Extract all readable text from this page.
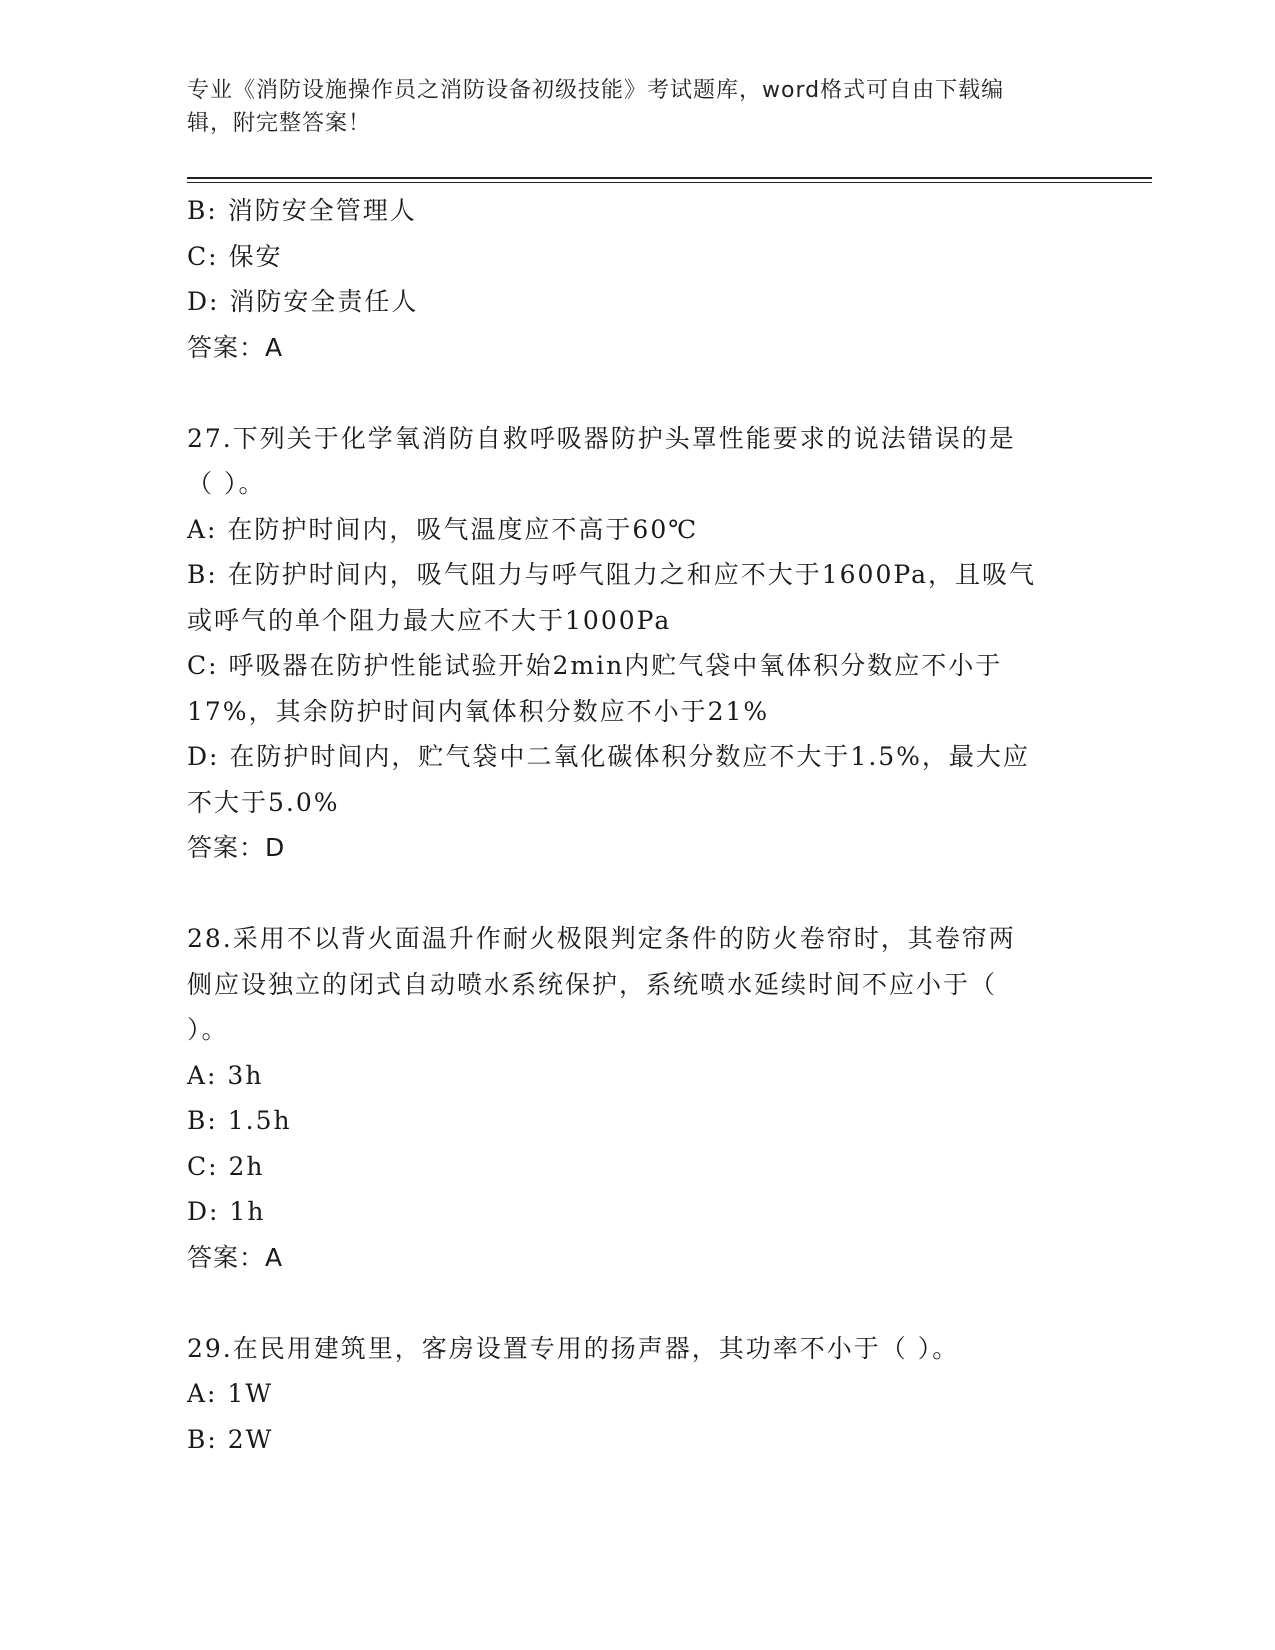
专业《消防设施操作员之消防设备初级技能》考试题库，word格式可自由下载编
辑，附完整答案！
B: 消防安全管理人
C: 保安
D: 消防安全责任人
答案：A
27.下列关于化学氧消防自救呼吸器防护头罩性能要求的说法错误的是
（ ）。
A: 在防护时间内，吸气温度应不高于60℃
B: 在防护时间内，吸气阻力与呼气阻力之和应不大于1600Pa，且吸气
或呼气的单个阻力最大应不大于1000Pa
C: 呼吸器在防护性能试验开始2min内贮气袋中氧体积分数应不小于
17%，其余防护时间内氧体积分数应不小于21%
D: 在防护时间内，贮气袋中二氧化碳体积分数应不大于1.5%，最大应
不大于5.0%
答案：D
28.采用不以背火面温升作耐火极限判定条件的防火卷帘时，其卷帘两
侧应设独立的闭式自动喷水系统保护，系统喷水延续时间不应小于（
）。
A: 3h
B: 1.5h
C: 2h
D: 1h
答案：A
29.在民用建筑里，客房设置专用的扬声器，其功率不小于（ ）。
A: 1W
B: 2W
